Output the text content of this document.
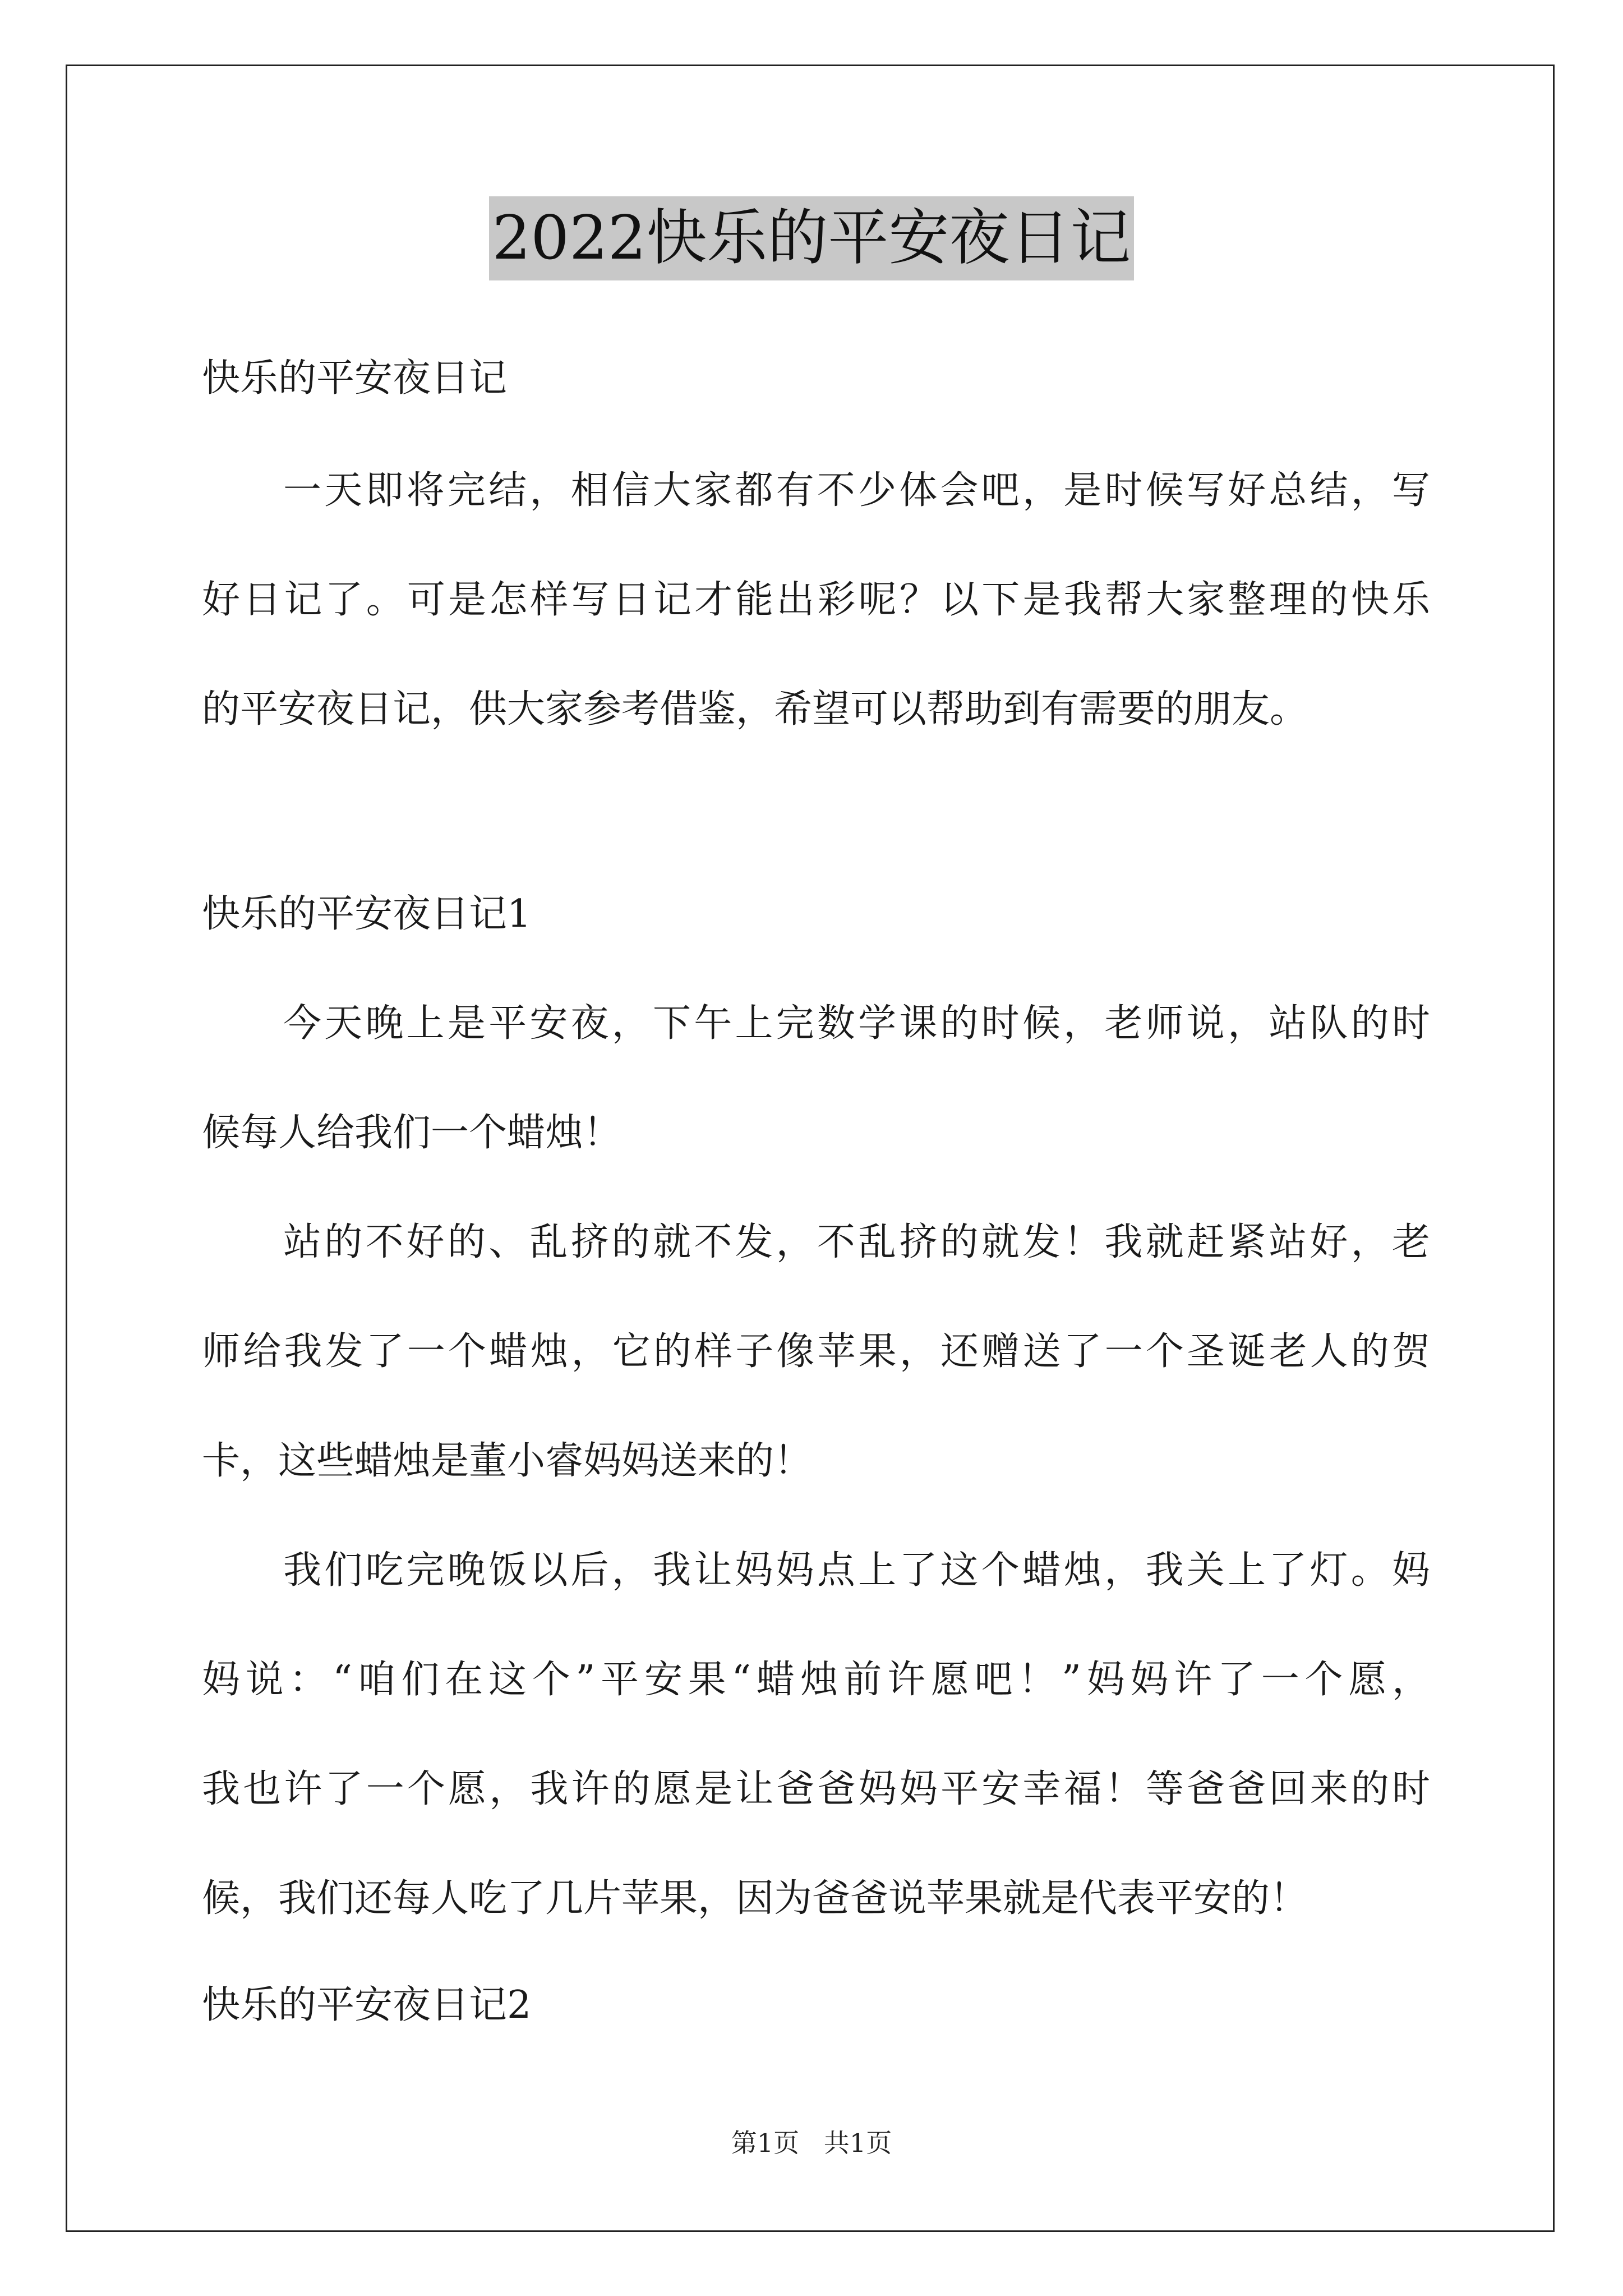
2022快乐的平安夜日记
快乐的平安夜日记
一天即将完结，相信大家都有不少体会吧，是时候写好总结，写
好日记了。可是怎样写日记才能出彩呢？以下是我帮大家整理的快乐
的平安夜日记，供大家参考借鉴，希望可以帮助到有需要的朋友。
快乐的平安夜日记1
今天晚上是平安夜，下午上完数学课的时候，老师说，站队的时
候每人给我们一个蜡烛！
站的不好的、乱挤的就不发，不乱挤的就发！我就赶紧站好，老
师给我发了一个蜡烛，它的样子像苹果，还赠送了一个圣诞老人的贺
卡，这些蜡烛是董小睿妈妈送来的！
我们吃完晚饭以后，我让妈妈点上了这个蜡烛，我关上了灯。妈
妈说：“咱们在这个”平安果“蜡烛前许愿吧！”妈妈许了一个愿，
我也许了一个愿，我许的愿是让爸爸妈妈平安幸福！等爸爸回来的时
候，我们还每人吃了几片苹果，因为爸爸说苹果就是代表平安的！
快乐的平安夜日记2
第1页   共1页
